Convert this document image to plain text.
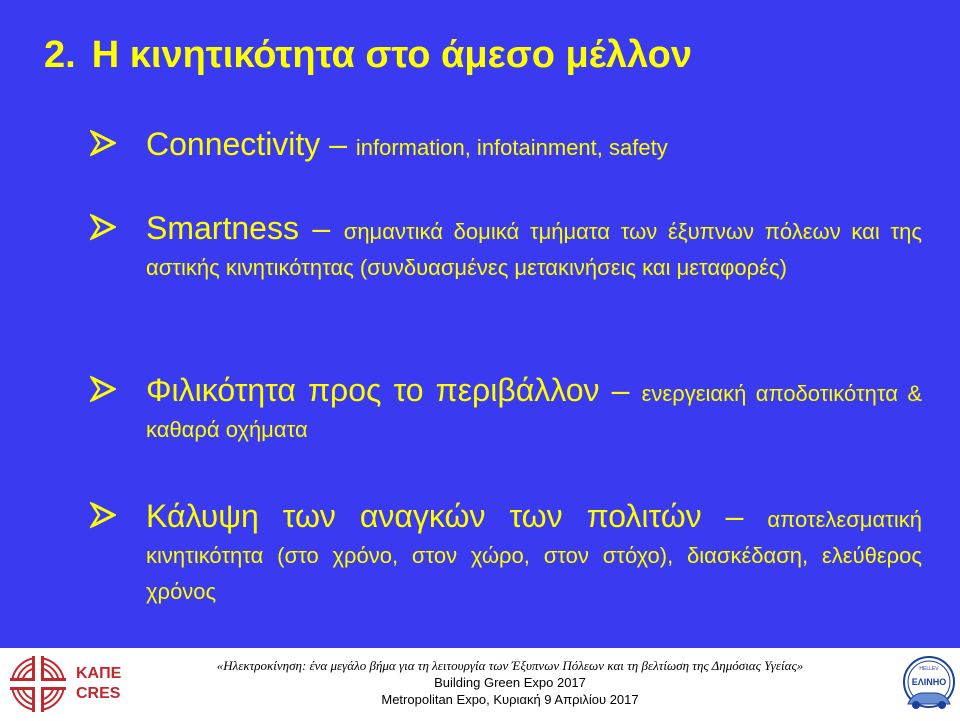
2. Η κινητικότητα στο άμεσο μέλλον
Connectivity – information, infotainment, safety
Smartness – σημαντικά δομικά τμήματα των έξυπνων πόλεων και της αστικής κινητικότητας (συνδυασμένες μετακινήσεις και μεταφορές)
Φιλικότητα προς το περιβάλλον – ενεργειακή αποδοτικότητα & καθαρά οχήματα
Κάλυψη των αναγκών των πολιτών – αποτελεσματική κινητικότητα (στο χρόνο, στον χώρο, στον στόχο), διασκέδαση, ελεύθερος χρόνος
ΚΑΠΕ
CRES
«Ηλεκτροκίνηση: ένα μεγάλο βήμα για τη λειτουργία των Έξυπνων Πόλεων και τη βελτίωση της Δημόσιας Υγείας»
Building Green Expo 2017
Metropolitan Expo, Κυριακή 9 Απριλίου 2017
HELLEV
ΕΛΙΝΗΟ
